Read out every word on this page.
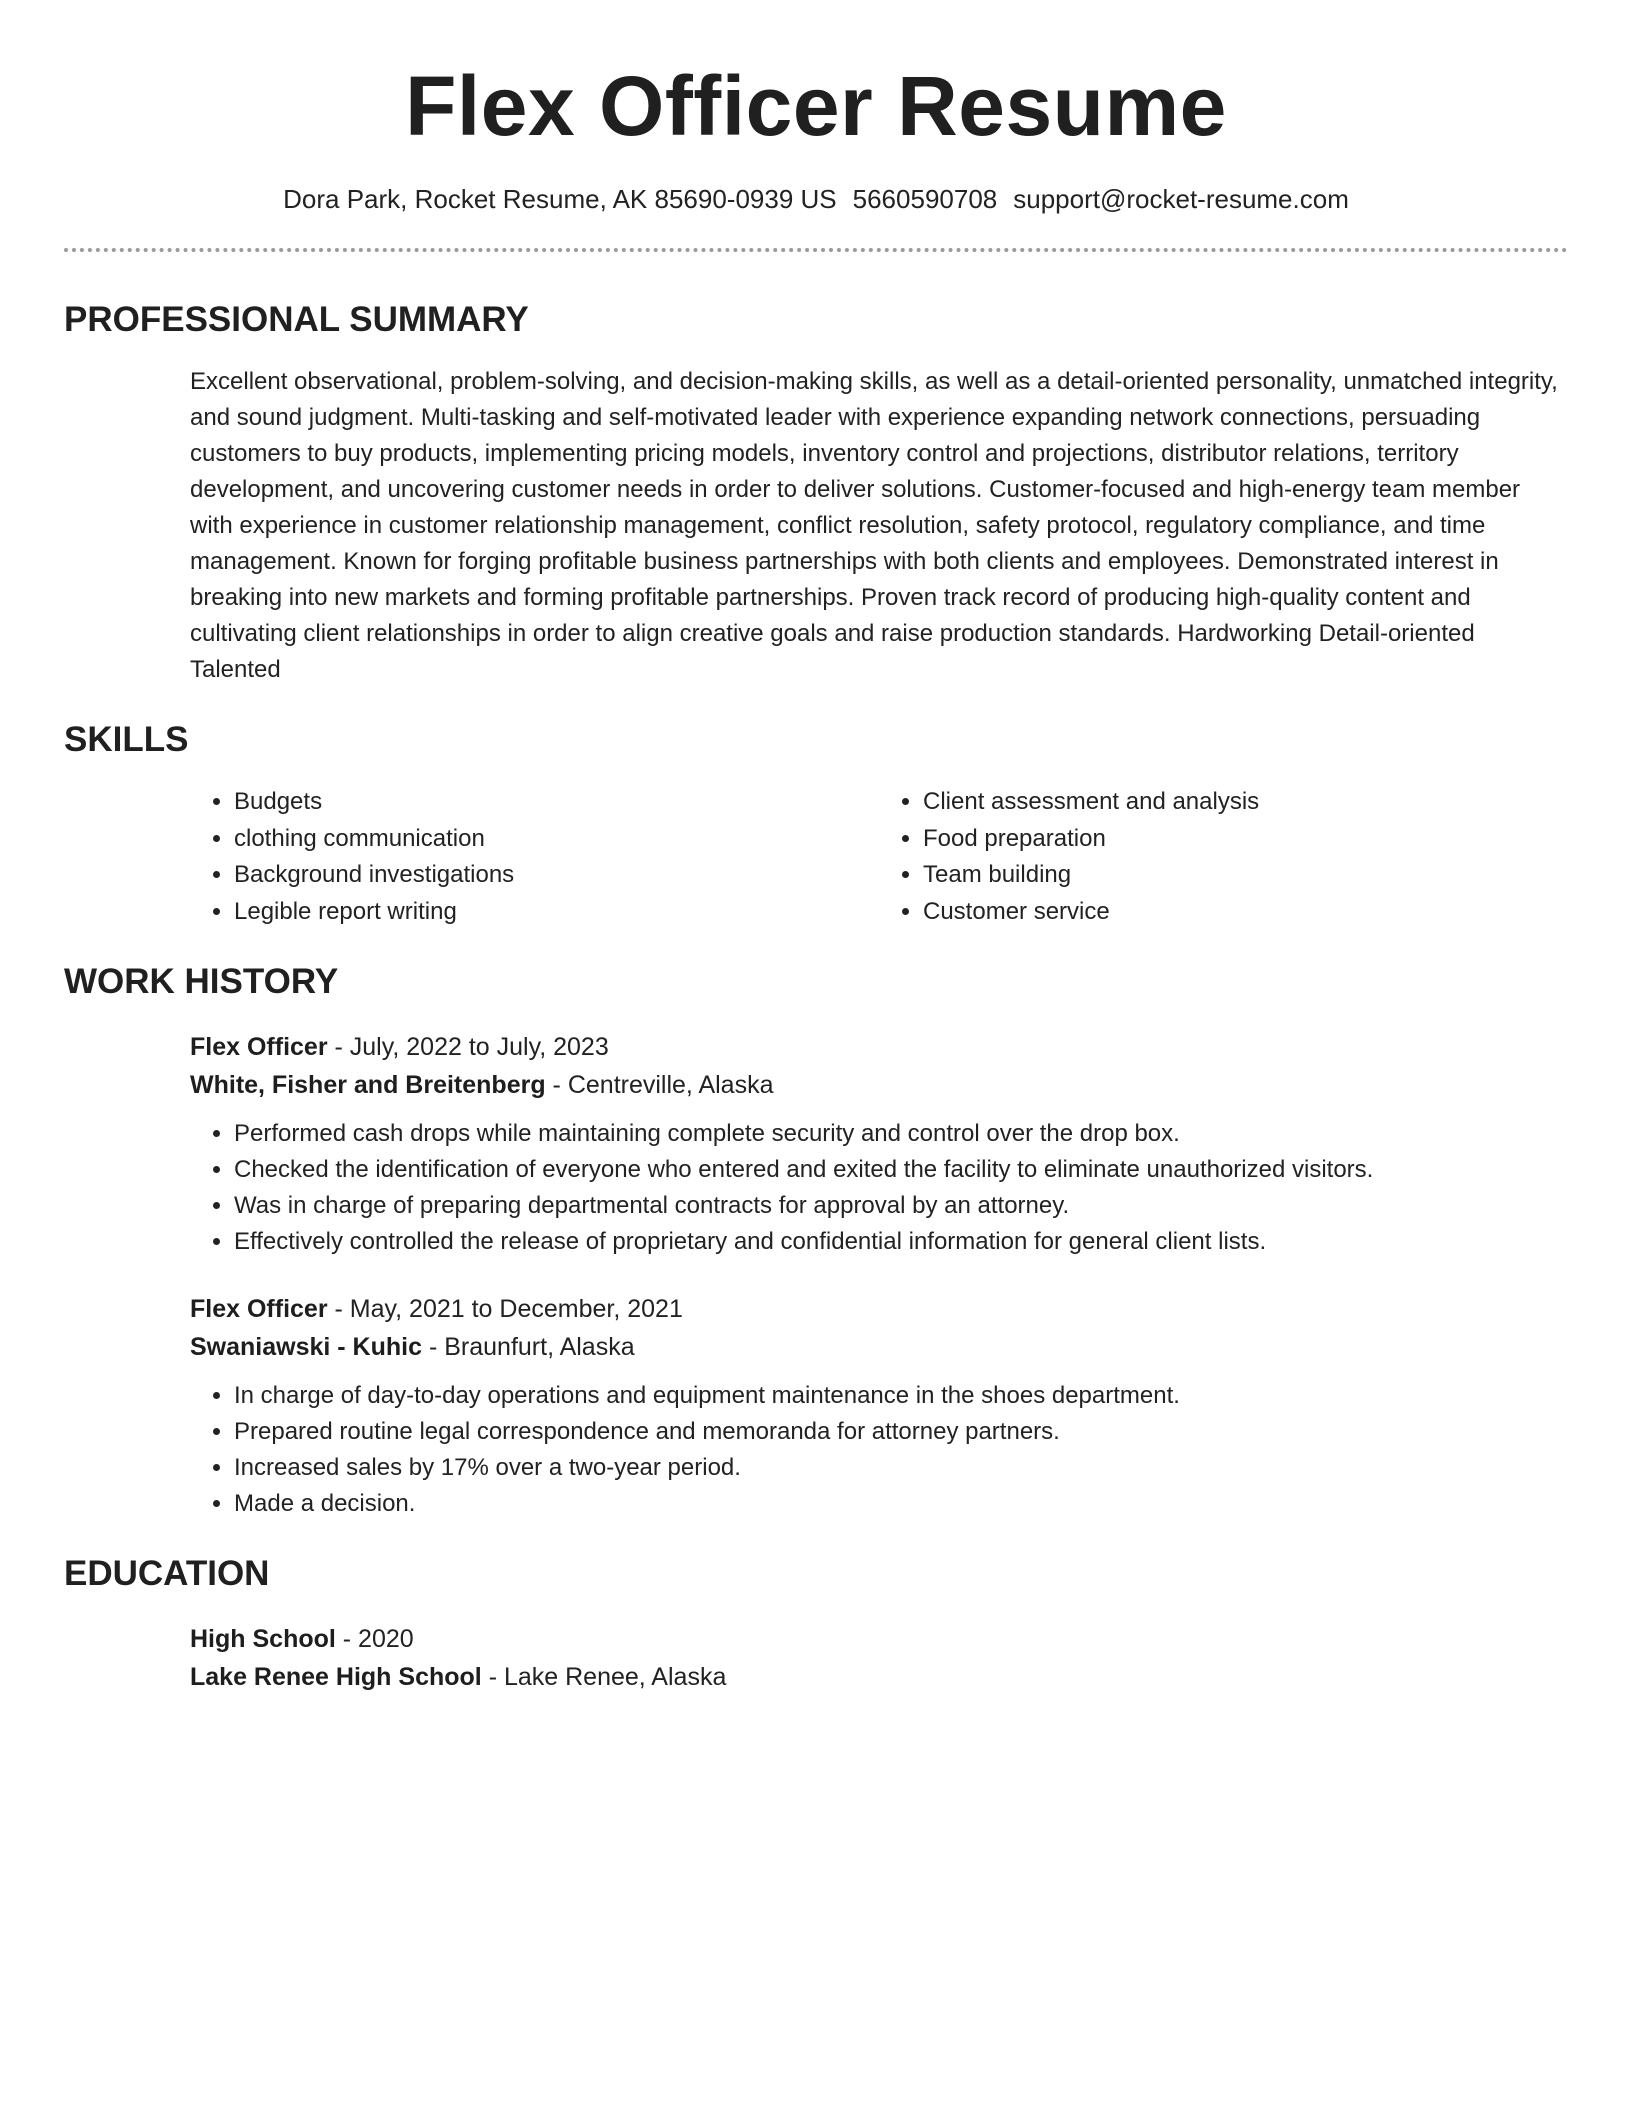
Flex Officer Resume
Dora Park, Rocket Resume, AK 85690-0939 US 5660590708 support@rocket-resume.com
PROFESSIONAL SUMMARY

Excellent observational, problem-solving, and decision-making skills, as well as a detail-oriented personality, unmatched integrity, and sound judgment. Multi-tasking and self-motivated leader with experience expanding network connections, persuading customers to buy products, implementing pricing models, inventory control and projections, distributor relations, territory development, and uncovering customer needs in order to deliver solutions. Customer-focused and high-energy team member with experience in customer relationship management, conflict resolution, safety protocol, regulatory compliance, and time management. Known for forging profitable business partnerships with both clients and employees. Demonstrated interest in breaking into new markets and forming profitable partnerships. Proven track record of producing high-quality content and cultivating client relationships in order to align creative goals and raise production standards. Hardworking Detail-oriented Talented

SKILLS
• Budgets
• clothing communication
• Background investigations
• Legible report writing
• Client assessment and analysis
• Food preparation
• Team building
• Customer service
WORK HISTORY
Flex Officer - July, 2022 to July, 2023
White, Fisher and Breitenberg - Centreville, Alaska
• Performed cash drops while maintaining complete security and control over the drop box.
• Checked the identification of everyone who entered and exited the facility to eliminate unauthorized visitors.
• Was in charge of preparing departmental contracts for approval by an attorney.
• Effectively controlled the release of proprietary and confidential information for general client lists.
Flex Officer - May, 2021 to December, 2021
Swaniawski - Kuhic - Braunfurt, Alaska
• In charge of day-to-day operations and equipment maintenance in the shoes department.
• Prepared routine legal correspondence and memoranda for attorney partners.
• Increased sales by 17% over a two-year period.
• Made a decision.
EDUCATION
High School - 2020
Lake Renee High School - Lake Renee, Alaska
